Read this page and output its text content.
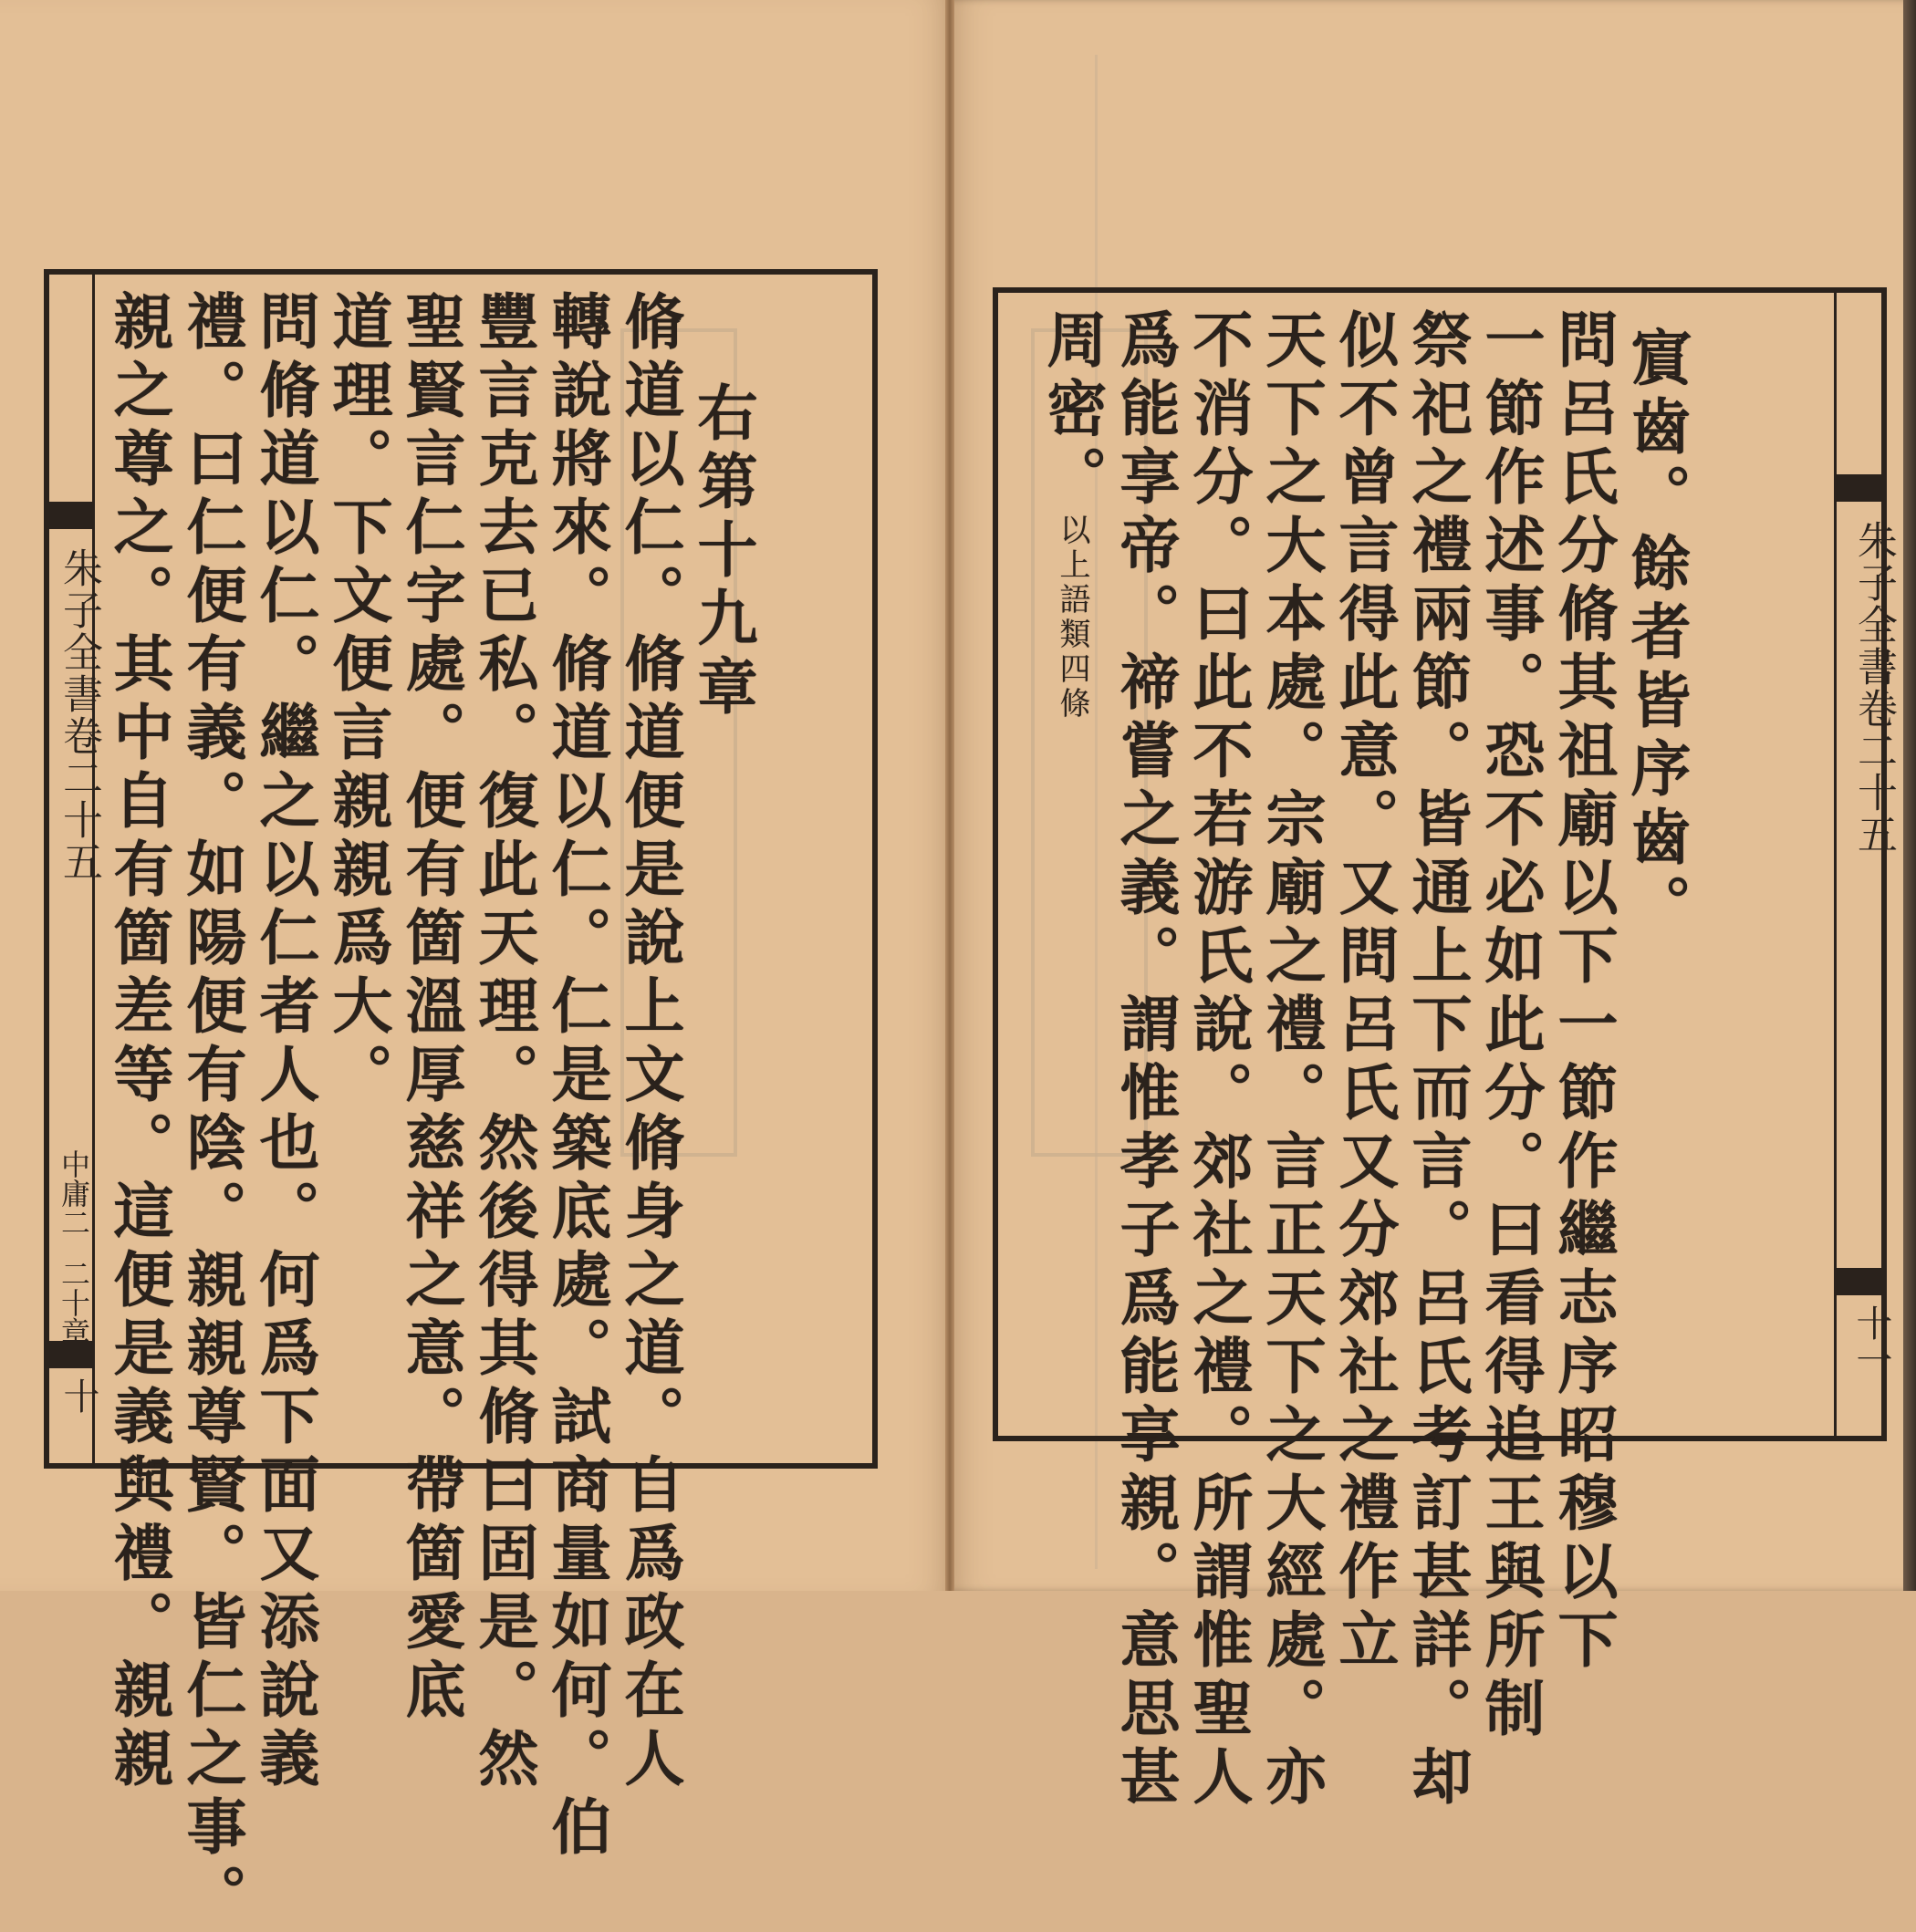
朱子全書卷二十五
中庸二
二十章
十
右第十九章
脩道以仁。脩道便是說上文脩身之道。自爲政在人
轉說將來。脩道以仁。仁是築底處。試商量如何。伯
豐言克去已私。復此天理。然後得其脩曰固是。然
聖賢言仁字處。便有箇溫厚慈祥之意。帶箇愛底
道理。下文便言親親爲大。
問脩道以仁。繼之以仁者人也。何爲下面又添說義
禮。曰仁便有義。如陽便有陰。親親尊賢。皆仁之事。
親之尊之。其中自有箇差等。這便是義與禮。親親	朱子全書卷二十五
十一
賔齒。餘者皆序齒。
問呂氏分脩其祖廟以下一節作繼志序昭穆以下
一節作述事。恐不必如此分。曰看得追王與所制
祭祀之禮兩節。皆通上下而言。呂氏考訂甚詳。却
似不曾言得此意。又問呂氏又分郊社之禮作立
天下之大本處。宗廟之禮。言正天下之大經處。亦
不消分。曰此不若游氏說。郊社之禮。所謂惟聖人
爲能享帝。禘嘗之義。謂惟孝子爲能享親。意思甚
周密。以上語類四條
